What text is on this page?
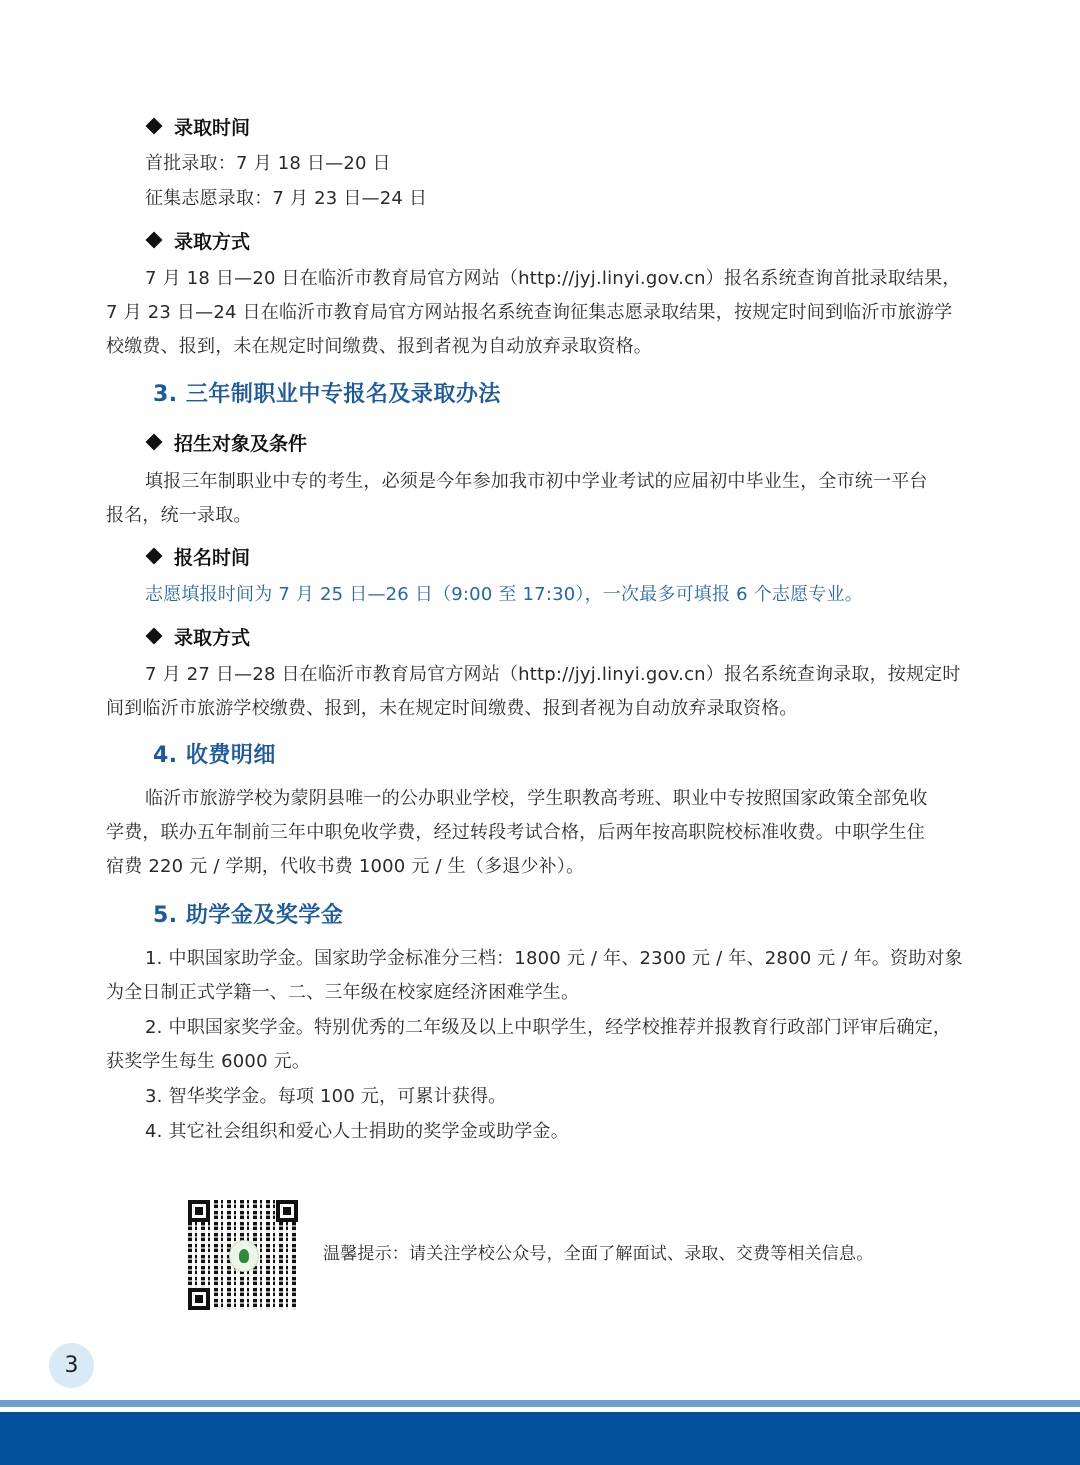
录取时间
首批录取：7 月 18 日—20 日
征集志愿录取：7 月 23 日—24 日
录取方式
7 月 18 日—20 日在临沂市教育局官方网站（http://jyj.linyi.gov.cn）报名系统查询首批录取结果，
7 月 23 日—24 日在临沂市教育局官方网站报名系统查询征集志愿录取结果，按规定时间到临沂市旅游学
校缴费、报到，未在规定时间缴费、报到者视为自动放弃录取资格。
3. 三年制职业中专报名及录取办法
招生对象及条件
填报三年制职业中专的考生，必须是今年参加我市初中学业考试的应届初中毕业生，全市统一平台
报名，统一录取。
报名时间
志愿填报时间为 7 月 25 日—26 日（9:00 至 17:30），一次最多可填报 6 个志愿专业。
录取方式
7 月 27 日—28 日在临沂市教育局官方网站（http://jyj.linyi.gov.cn）报名系统查询录取，按规定时
间到临沂市旅游学校缴费、报到，未在规定时间缴费、报到者视为自动放弃录取资格。
4. 收费明细
临沂市旅游学校为蒙阴县唯一的公办职业学校，学生职教高考班、职业中专按照国家政策全部免收
学费，联办五年制前三年中职免收学费，经过转段考试合格，后两年按高职院校标准收费。中职学生住
宿费 220 元 / 学期，代收书费 1000 元 / 生（多退少补）。
5. 助学金及奖学金
1. 中职国家助学金。国家助学金标准分三档：1800 元 / 年、2300 元 / 年、2800 元 / 年。资助对象
为全日制正式学籍一、二、三年级在校家庭经济困难学生。
2. 中职国家奖学金。特别优秀的二年级及以上中职学生，经学校推荐并报教育行政部门评审后确定，
获奖学生每生 6000 元。
3. 智华奖学金。每项 100 元，可累计获得。
4. 其它社会组织和爱心人士捐助的奖学金或助学金。
温馨提示：请关注学校公众号，全面了解面试、录取、交费等相关信息。
3
